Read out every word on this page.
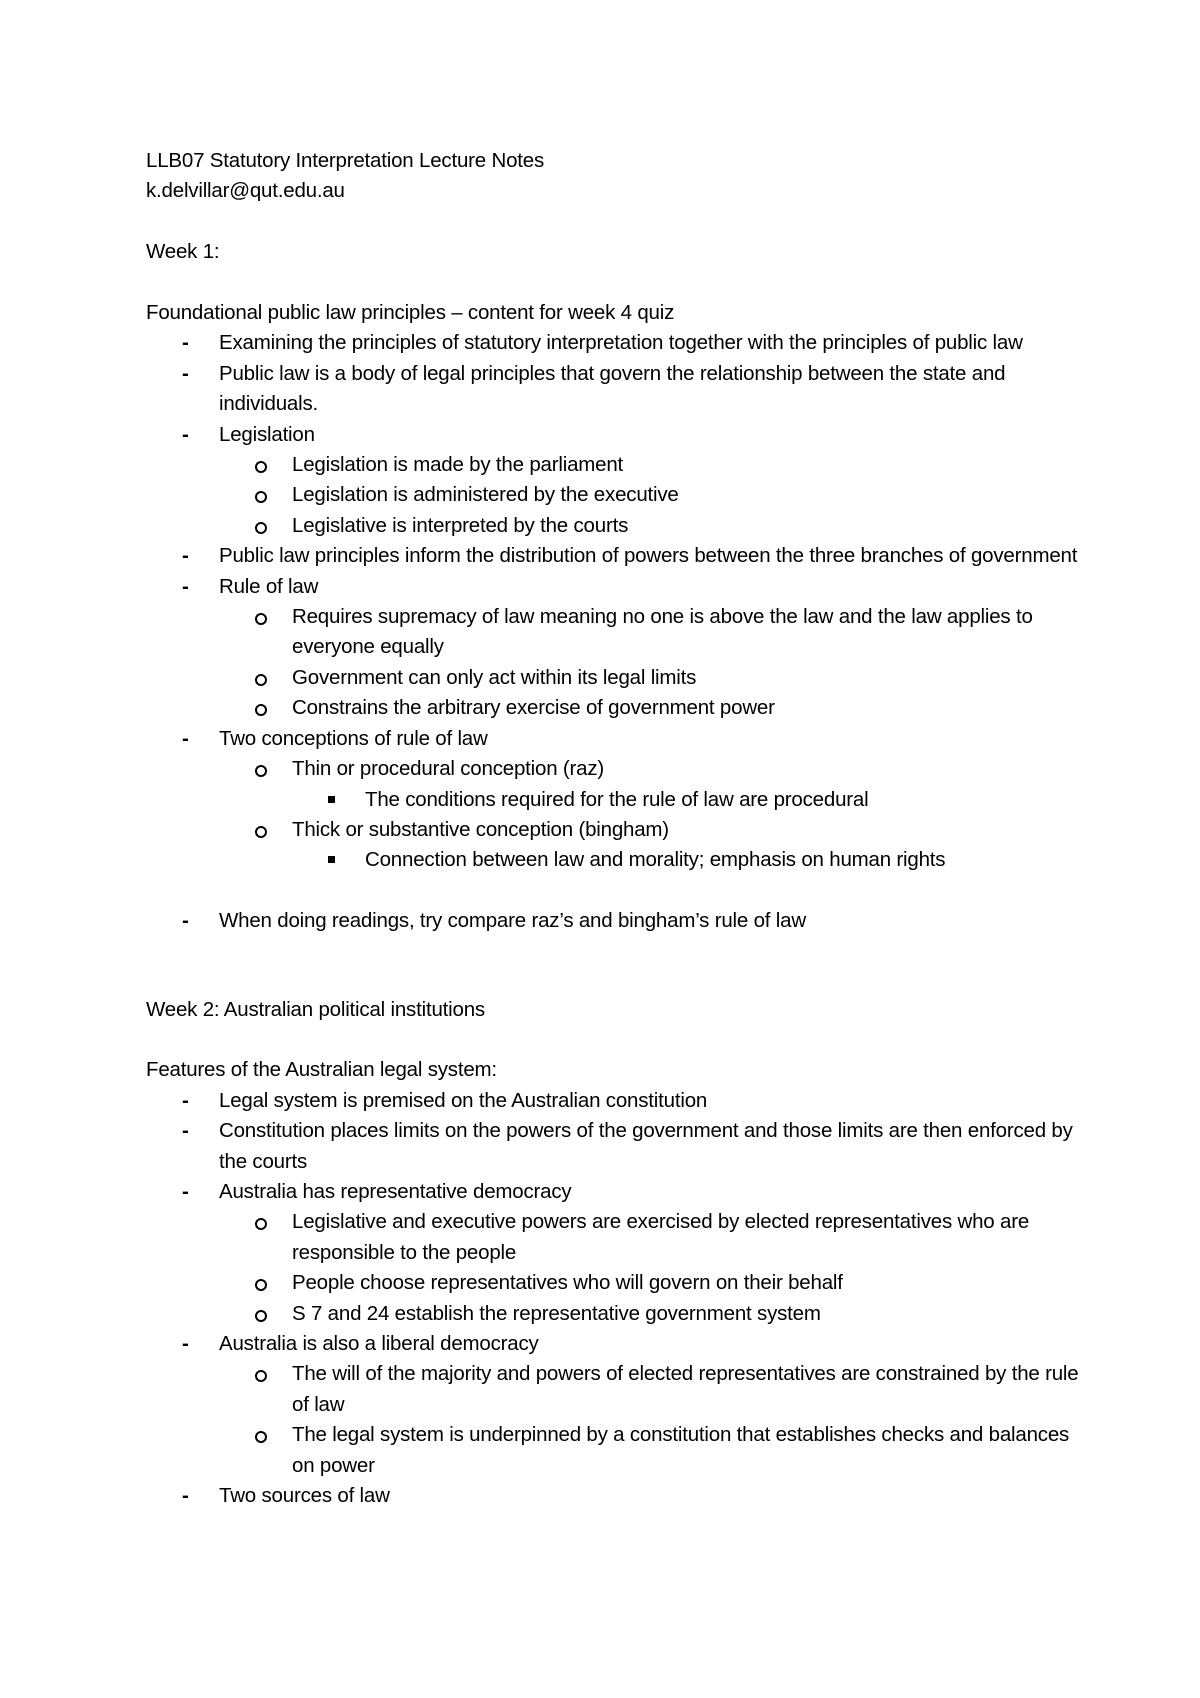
LLB07 Statutory Interpretation Lecture Notes

k.delvillar@qut.edu.au

Week 1:

Foundational public law principles – content for week 4 quiz

- Examining the principles of statutory interpretation together with the principles of public law
- Public law is a body of legal principles that govern the relationship between the state and individuals.
- Legislation
Legislation is made by the parliament
Legislation is administered by the executive
Legislative is interpreted by the courts
- Public law principles inform the distribution of powers between the three branches of government
- Rule of law
Requires supremacy of law meaning no one is above the law and the law applies to everyone equally
Government can only act within its legal limits
Constrains the arbitrary exercise of government power
- Two conceptions of rule of law
Thin or procedural conception (raz)
The conditions required for the rule of law are procedural
Thick or substantive conception (bingham)
Connection between law and morality; emphasis on human rights
- When doing readings, try compare raz’s and bingham’s rule of law

Week 2: Australian political institutions

Features of the Australian legal system:

- Legal system is premised on the Australian constitution
- Constitution places limits on the powers of the government and those limits are then enforced by the courts
- Australia has representative democracy
Legislative and executive powers are exercised by elected representatives who are responsible to the people
People choose representatives who will govern on their behalf
S 7 and 24 establish the representative government system
- Australia is also a liberal democracy
The will of the majority and powers of elected representatives are constrained by the rule of law
The legal system is underpinned by a constitution that establishes checks and balances on power
- Two sources of law
